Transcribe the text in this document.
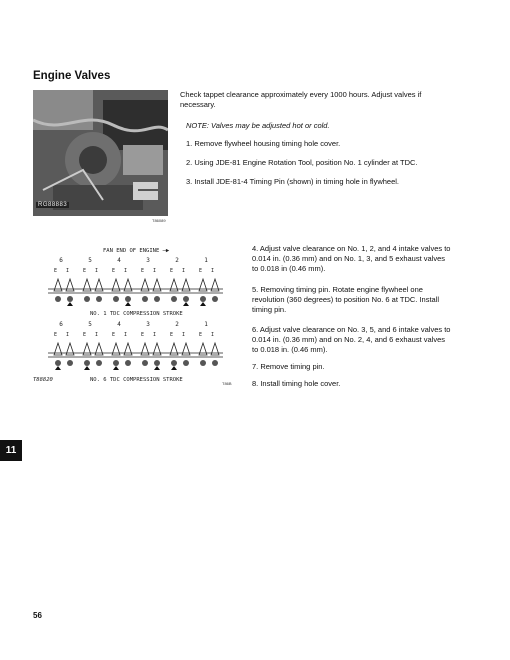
Engine Valves
RG88883
T86089
Check tappet clearance approximately every 1000 hours. Adjust valves if necessary.
NOTE: Valves may be adjusted hot or cold.
1. Remove flywheel housing timing hole cover.
2. Using JDE-81 Engine Rotation Tool, position No. 1 cylinder at TDC.
3. Install JDE-81-4 Timing Pin (shown) in timing hole in flywheel.
FAN END OF ENGINE ─▶
6	5	4	3	2	1
E I	E I	E I	E I	E I	E I
NO. 1 TDC COMPRESSION STROKE
6	5	4	3	2	1
E I	E I	E I	E I	E I	E I
T88820	NO. 6 TDC COMPRESSION STROKE
T86B
4. Adjust valve clearance on No. 1, 2, and 4 intake valves to 0.014 in. (0.36 mm) and on No. 1, 3, and 5 exhaust valves to 0.018 in (0.46 mm).
5. Removing timing pin. Rotate engine flywheel one revolution (360 degrees) to position No. 6 at TDC. Install timing pin.
6. Adjust valve clearance on No. 3, 5, and 6 intake valves to 0.014 in. (0.36 mm) and on No. 2, 4, and 6 exhaust valves to 0.018 in. (0.46 mm).
7. Remove timing pin.
8. Install timing hole cover.
11
56
